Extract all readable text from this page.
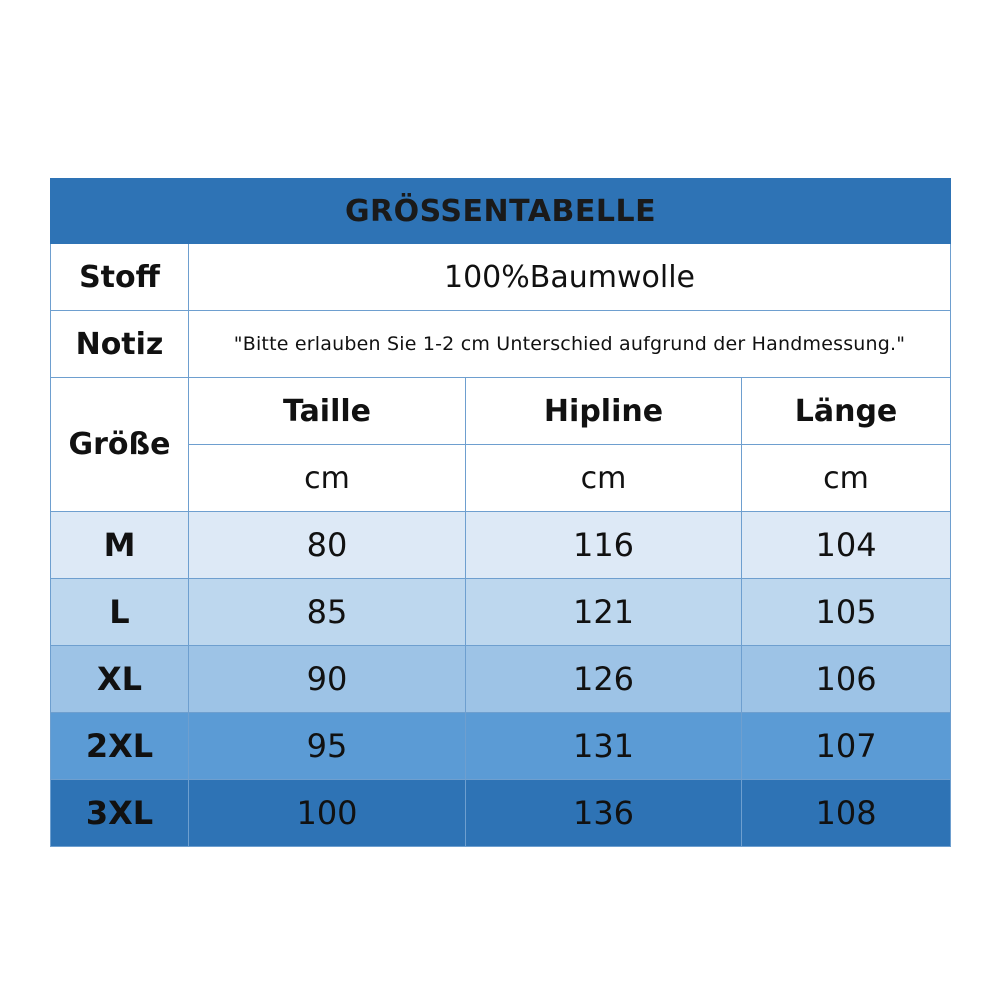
GRÖSSENTABELLE			
Stoff	100%Baumwolle		
Notiz	"Bitte erlauben Sie 1-2 cm Unterschied aufgrund der Handmessung."		
Größe	Taille	Hipline	Länge
	cm	cm	cm
M	80	116	104
L	85	121	105
XL	90	126	106
2XL	95	131	107
3XL	100	136	108
